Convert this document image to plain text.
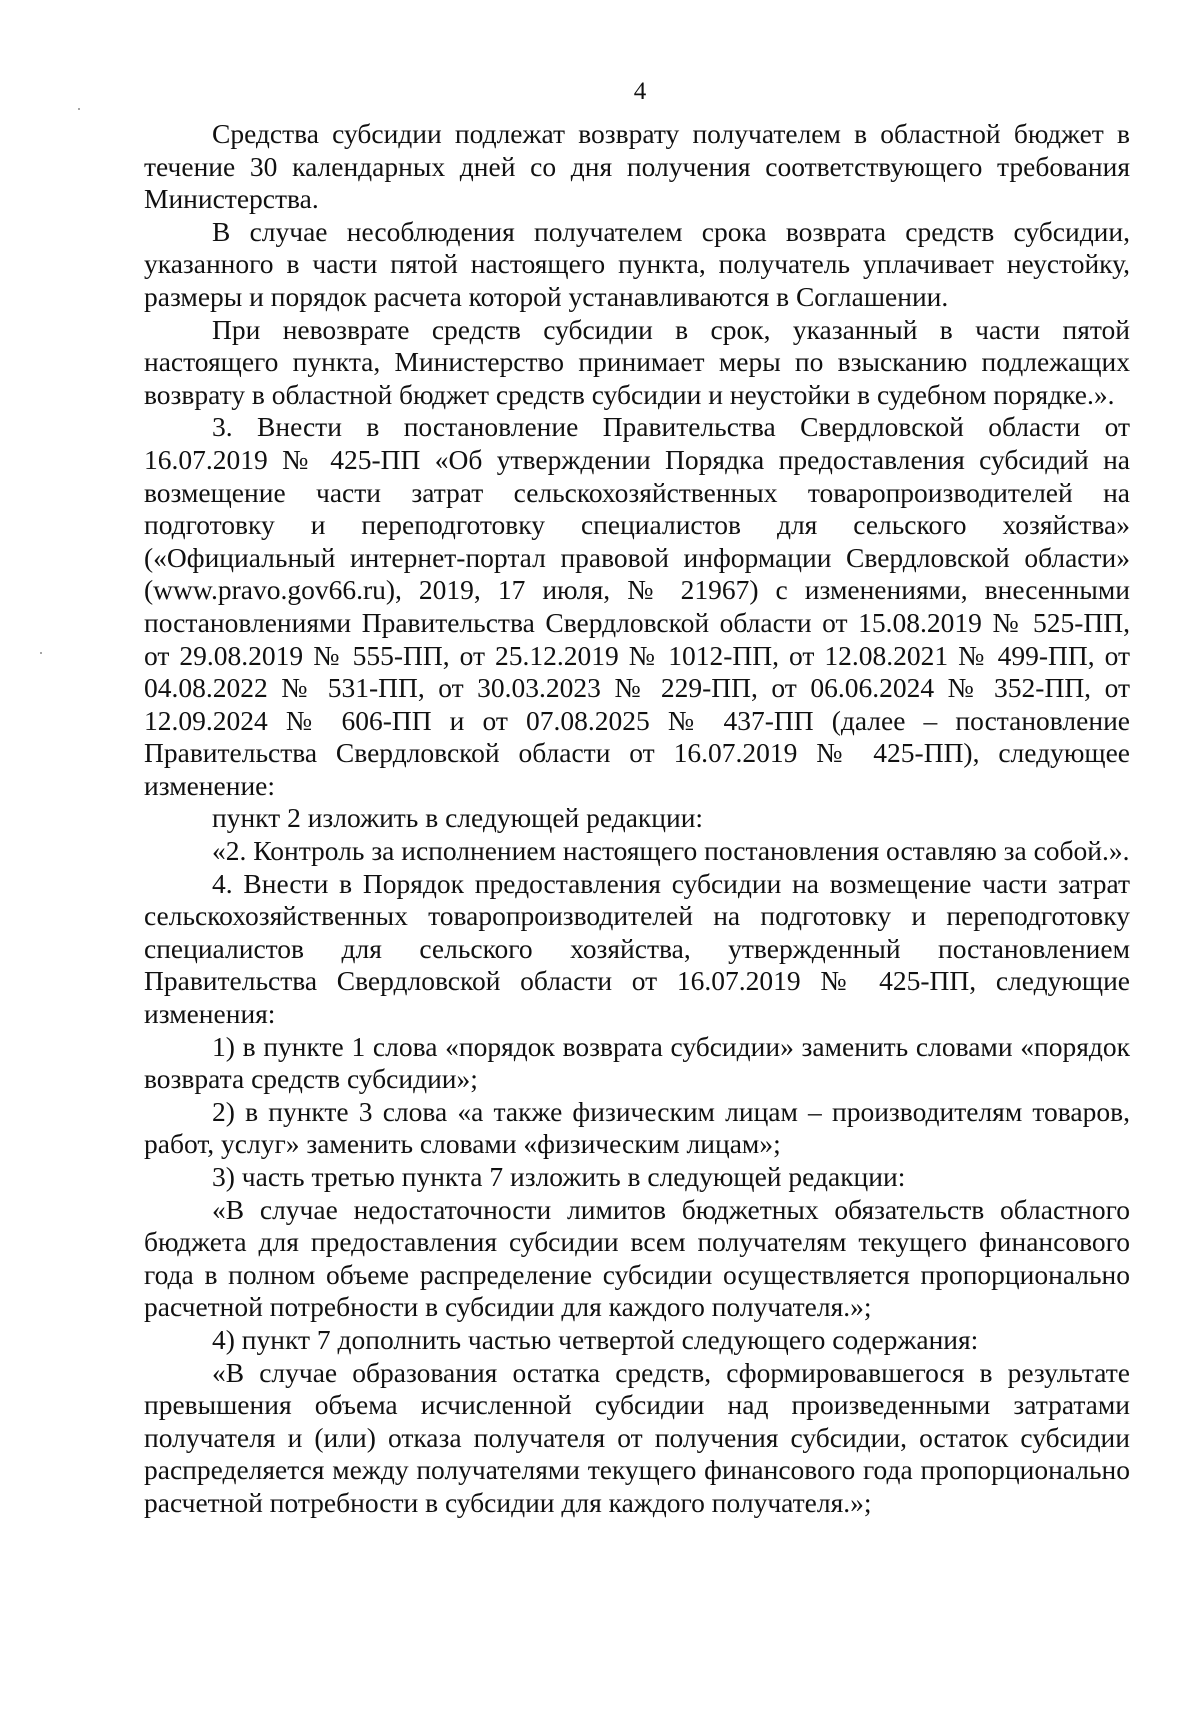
4

Средства субсидии подлежат возврату получателем в областной бюджет в течение 30 календарных дней со дня получения соответствующего требования Министерства.

В случае несоблюдения получателем срока возврата средств субсидии, указанного в части пятой настоящего пункта, получатель уплачивает неустойку, размеры и порядок расчета которой устанавливаются в Соглашении.

При невозврате средств субсидии в срок, указанный в части пятой настоящего пункта, Министерство принимает меры по взысканию подлежащих возврату в областной бюджет средств субсидии и неустойки в судебном порядке.».

3. Внести в постановление Правительства Свердловской области от 16.07.2019 № 425-ПП «Об утверждении Порядка предоставления субсидий на возмещение части затрат сельскохозяйственных товаропроизводителей на подготовку и переподготовку специалистов для сельского хозяйства» («Официальный интернет-портал правовой информации Свердловской области» (www.pravo.gov66.ru), 2019, 17 июля, № 21967) с изменениями, внесенными постановлениями Правительства Свердловской области от 15.08.2019 № 525-ПП, от 29.08.2019 № 555-ПП, от 25.12.2019 № 1012-ПП, от 12.08.2021 № 499-ПП, от 04.08.2022 № 531-ПП, от 30.03.2023 № 229-ПП, от 06.06.2024 № 352-ПП, от 12.09.2024 № 606-ПП и от 07.08.2025 № 437-ПП (далее – постановление Правительства Свердловской области от 16.07.2019 № 425-ПП), следующее изменение:

пункт 2 изложить в следующей редакции:

«2. Контроль за исполнением настоящего постановления оставляю за собой.».

4. Внести в Порядок предоставления субсидии на возмещение части затрат сельскохозяйственных товаропроизводителей на подготовку и переподготовку специалистов для сельского хозяйства, утвержденный постановлением Правительства Свердловской области от 16.07.2019 № 425-ПП, следующие изменения:

1) в пункте 1 слова «порядок возврата субсидии» заменить словами «порядок возврата средств субсидии»;

2) в пункте 3 слова «а также физическим лицам – производителям товаров, работ, услуг» заменить словами «физическим лицам»;

3) часть третью пункта 7 изложить в следующей редакции:

«В случае недостаточности лимитов бюджетных обязательств областного бюджета для предоставления субсидии всем получателям текущего финансового года в полном объеме распределение субсидии осуществляется пропорционально расчетной потребности в субсидии для каждого получателя.»;

4) пункт 7 дополнить частью четвертой следующего содержания:

«В случае образования остатка средств, сформировавшегося в результате превышения объема исчисленной субсидии над произведенными затратами получателя и (или) отказа получателя от получения субсидии, остаток субсидии распределяется между получателями текущего финансового года пропорционально расчетной потребности в субсидии для каждого получателя.»;
